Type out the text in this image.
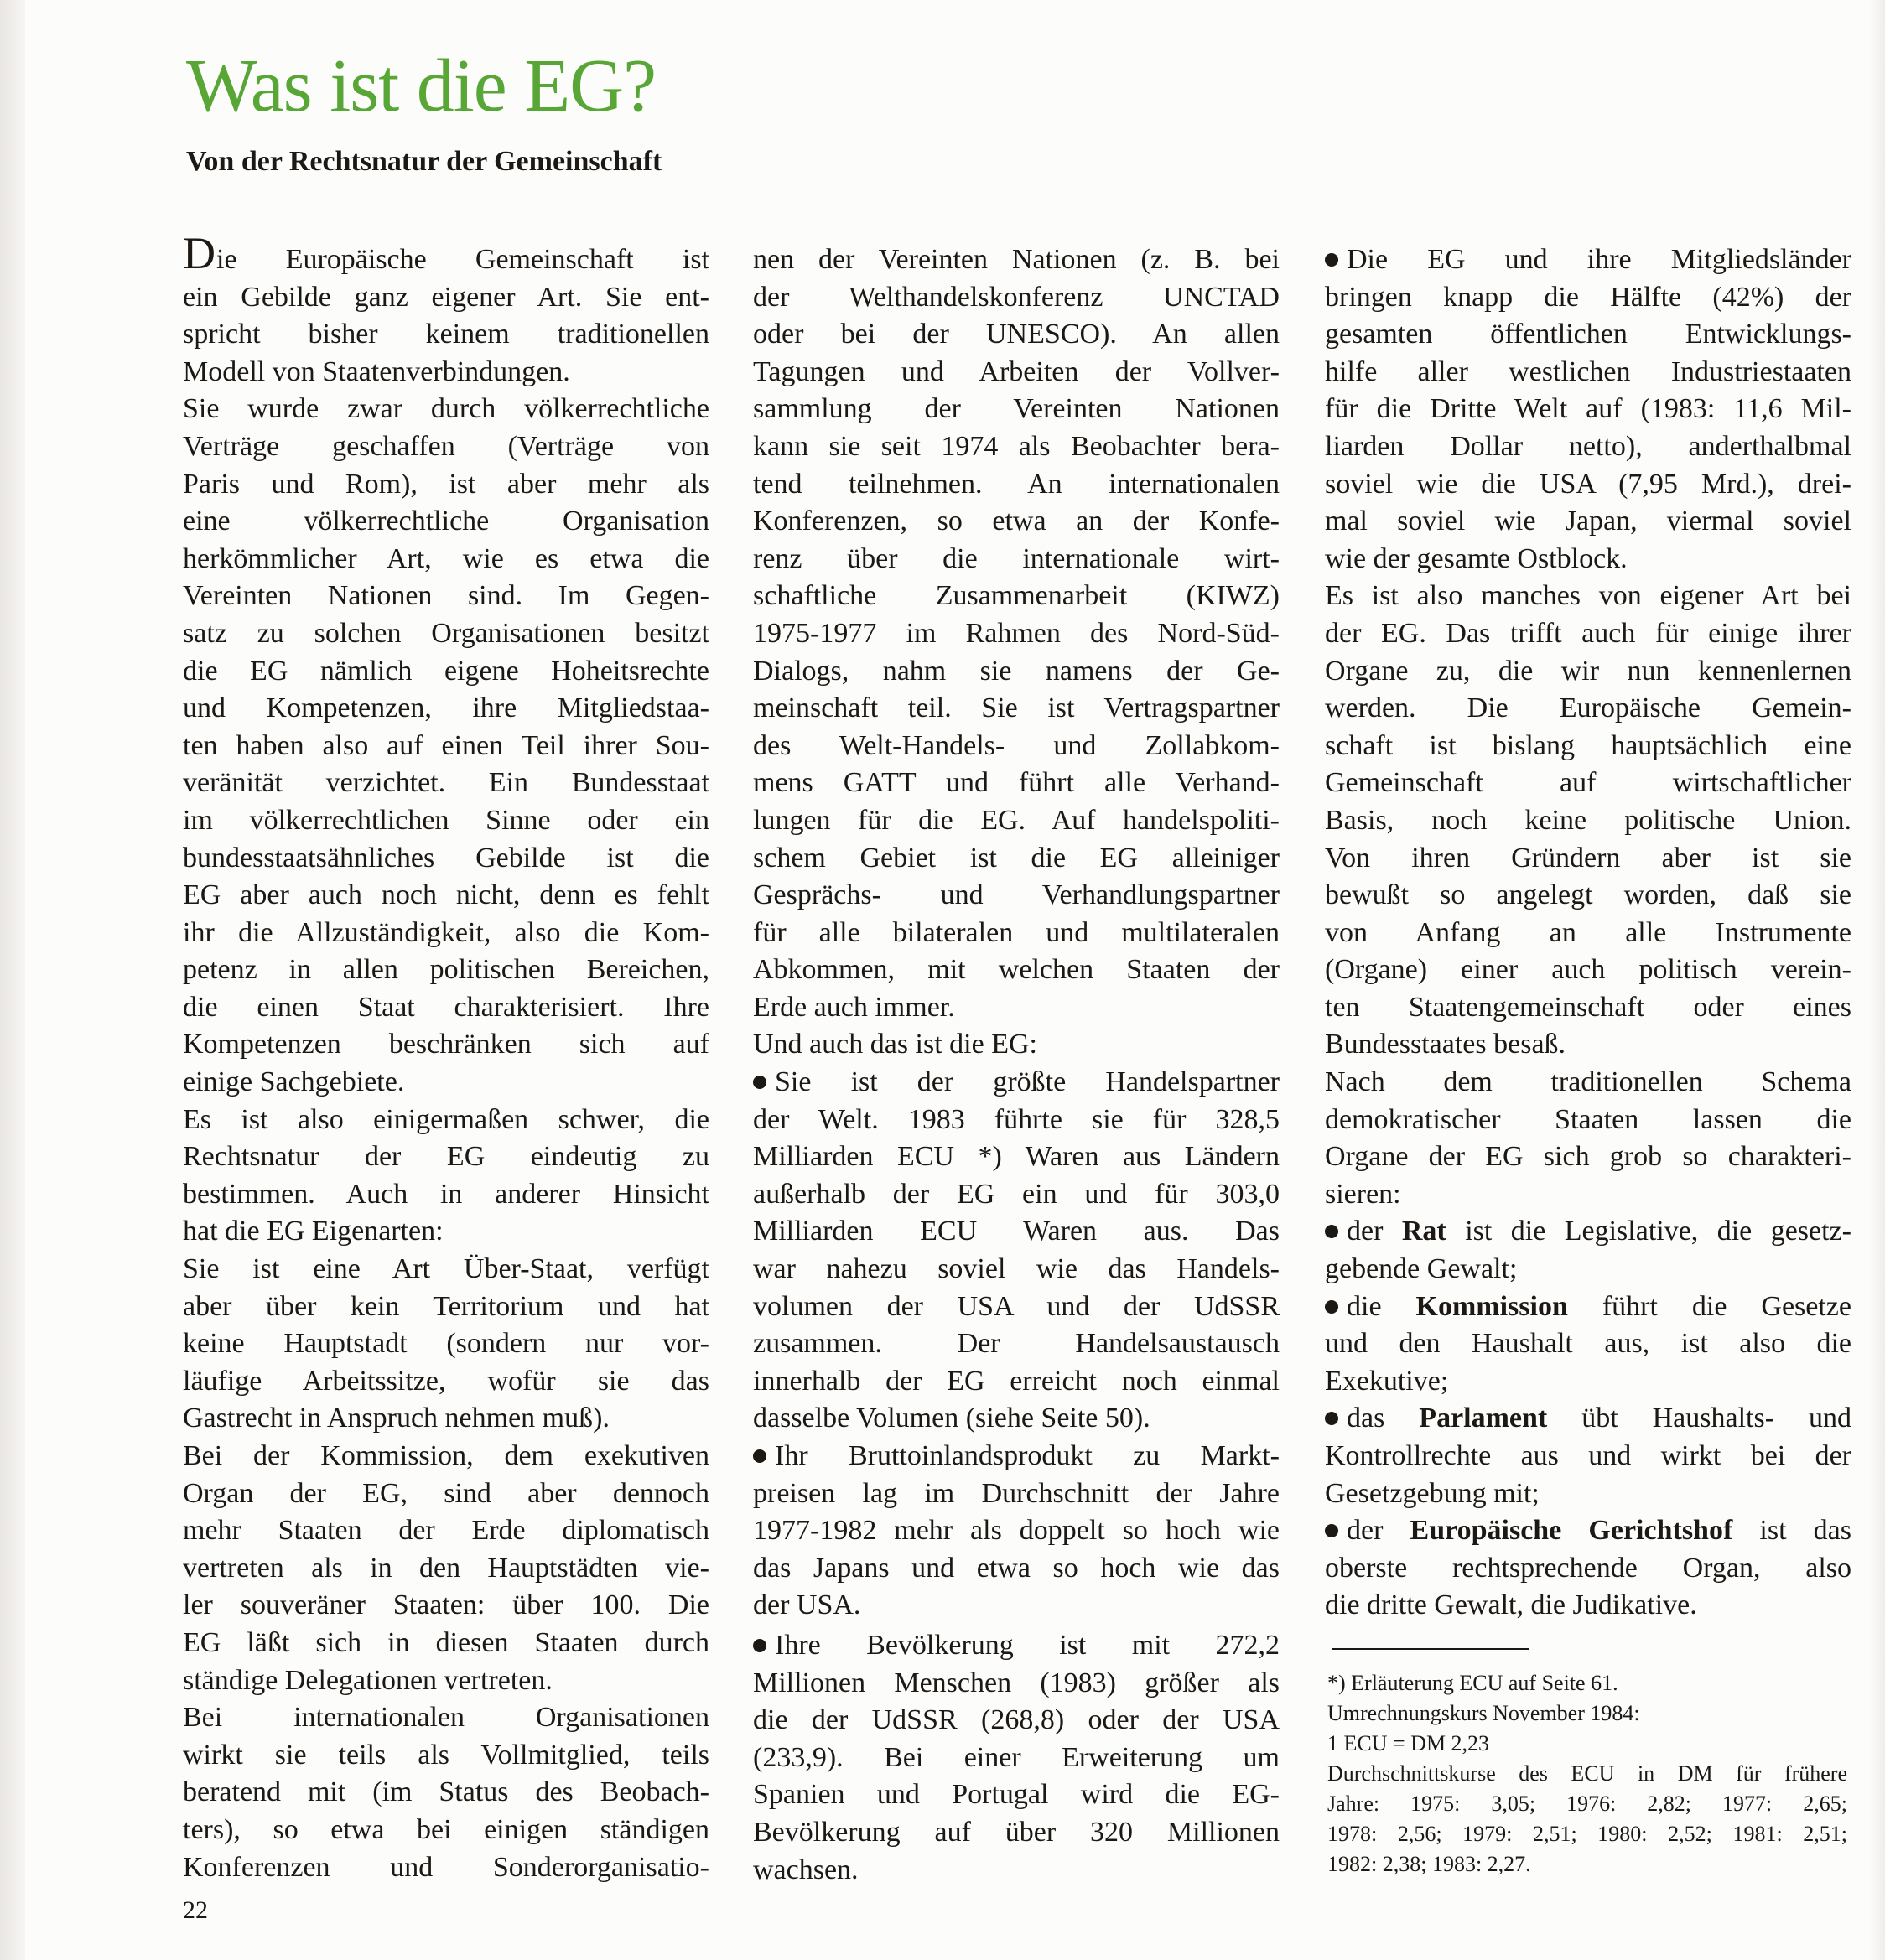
Was ist die EG?
Von der Rechtsnatur der Gemeinschaft
Die Europäische Gemeinschaft ist
ein Gebilde ganz eigener Art. Sie ent-
spricht bisher keinem traditionellen
Modell von Staatenverbindungen.
Sie wurde zwar durch völkerrechtliche
Verträge geschaffen (Verträge von
Paris und Rom), ist aber mehr als
eine völkerrechtliche Organisation
herkömmlicher Art, wie es etwa die
Vereinten Nationen sind. Im Gegen-
satz zu solchen Organisationen besitzt
die EG nämlich eigene Hoheitsrechte
und Kompetenzen, ihre Mitgliedstaa-
ten haben also auf einen Teil ihrer Sou-
veränität verzichtet. Ein Bundesstaat
im völkerrechtlichen Sinne oder ein
bundesstaatsähnliches Gebilde ist die
EG aber auch noch nicht, denn es fehlt
ihr die Allzuständigkeit, also die Kom-
petenz in allen politischen Bereichen,
die einen Staat charakterisiert. Ihre
Kompetenzen beschränken sich auf
einige Sachgebiete.
Es ist also einigermaßen schwer, die
Rechtsnatur der EG eindeutig zu
bestimmen. Auch in anderer Hinsicht
hat die EG Eigenarten:
Sie ist eine Art Über-Staat, verfügt
aber über kein Territorium und hat
keine Hauptstadt (sondern nur vor-
läufige Arbeitssitze, wofür sie das
Gastrecht in Anspruch nehmen muß).
Bei der Kommission, dem exekutiven
Organ der EG, sind aber dennoch
mehr Staaten der Erde diplomatisch
vertreten als in den Hauptstädten vie-
ler souveräner Staaten: über 100. Die
EG läßt sich in diesen Staaten durch
ständige Delegationen vertreten.
Bei internationalen Organisationen
wirkt sie teils als Vollmitglied, teils
beratend mit (im Status des Beobach-
ters), so etwa bei einigen ständigen
Konferenzen und Sonderorganisatio-
nen der Vereinten Nationen (z. B. bei
der Welthandelskonferenz UNCTAD
oder bei der UNESCO). An allen
Tagungen und Arbeiten der Vollver-
sammlung der Vereinten Nationen
kann sie seit 1974 als Beobachter bera-
tend teilnehmen. An internationalen
Konferenzen, so etwa an der Konfe-
renz über die internationale wirt-
schaftliche Zusammenarbeit (KIWZ)
1975-1977 im Rahmen des Nord-Süd-
Dialogs, nahm sie namens der Ge-
meinschaft teil. Sie ist Vertragspartner
des Welt-Handels- und Zollabkom-
mens GATT und führt alle Verhand-
lungen für die EG. Auf handelspoliti-
schem Gebiet ist die EG alleiniger
Gesprächs- und Verhandlungspartner
für alle bilateralen und multilateralen
Abkommen, mit welchen Staaten der
Erde auch immer.
Und auch das ist die EG:
Sie ist der größte Handelspartner
der Welt. 1983 führte sie für 328,5
Milliarden ECU *) Waren aus Ländern
außerhalb der EG ein und für 303,0
Milliarden ECU Waren aus. Das
war nahezu soviel wie das Handels-
volumen der USA und der UdSSR
zusammen. Der Handelsaustausch
innerhalb der EG erreicht noch einmal
dasselbe Volumen (siehe Seite 50).
Ihr Bruttoinlandsprodukt zu Markt-
preisen lag im Durchschnitt der Jahre
1977-1982 mehr als doppelt so hoch wie
das Japans und etwa so hoch wie das
der USA.
Ihre Bevölkerung ist mit 272,2
Millionen Menschen (1983) größer als
die der UdSSR (268,8) oder der USA
(233,9). Bei einer Erweiterung um
Spanien und Portugal wird die EG-
Bevölkerung auf über 320 Millionen
wachsen.
Die EG und ihre Mitgliedsländer
bringen knapp die Hälfte (42%) der
gesamten öffentlichen Entwicklungs-
hilfe aller westlichen Industriestaaten
für die Dritte Welt auf (1983: 11,6 Mil-
liarden Dollar netto), anderthalbmal
soviel wie die USA (7,95 Mrd.), drei-
mal soviel wie Japan, viermal soviel
wie der gesamte Ostblock.
Es ist also manches von eigener Art bei
der EG. Das trifft auch für einige ihrer
Organe zu, die wir nun kennenlernen
werden. Die Europäische Gemein-
schaft ist bislang hauptsächlich eine
Gemeinschaft auf wirtschaftlicher
Basis, noch keine politische Union.
Von ihren Gründern aber ist sie
bewußt so angelegt worden, daß sie
von Anfang an alle Instrumente
(Organe) einer auch politisch verein-
ten Staatengemeinschaft oder eines
Bundesstaates besaß.
Nach dem traditionellen Schema
demokratischer Staaten lassen die
Organe der EG sich grob so charakteri-
sieren:
der Rat ist die Legislative, die gesetz-
gebende Gewalt;
die Kommission führt die Gesetze
und den Haushalt aus, ist also die
Exekutive;
das Parlament übt Haushalts- und
Kontrollrechte aus und wirkt bei der
Gesetzgebung mit;
der Europäische Gerichtshof ist das
oberste rechtsprechende Organ, also
die dritte Gewalt, die Judikative.
*) Erläuterung ECU auf Seite 61.
Umrechnungskurs November 1984:
1 ECU = DM 2,23
Durchschnittskurse des ECU in DM für frühere
Jahre: 1975: 3,05; 1976: 2,82; 1977: 2,65;
1978: 2,56; 1979: 2,51; 1980: 2,52; 1981: 2,51;
1982: 2,38; 1983: 2,27.
22
